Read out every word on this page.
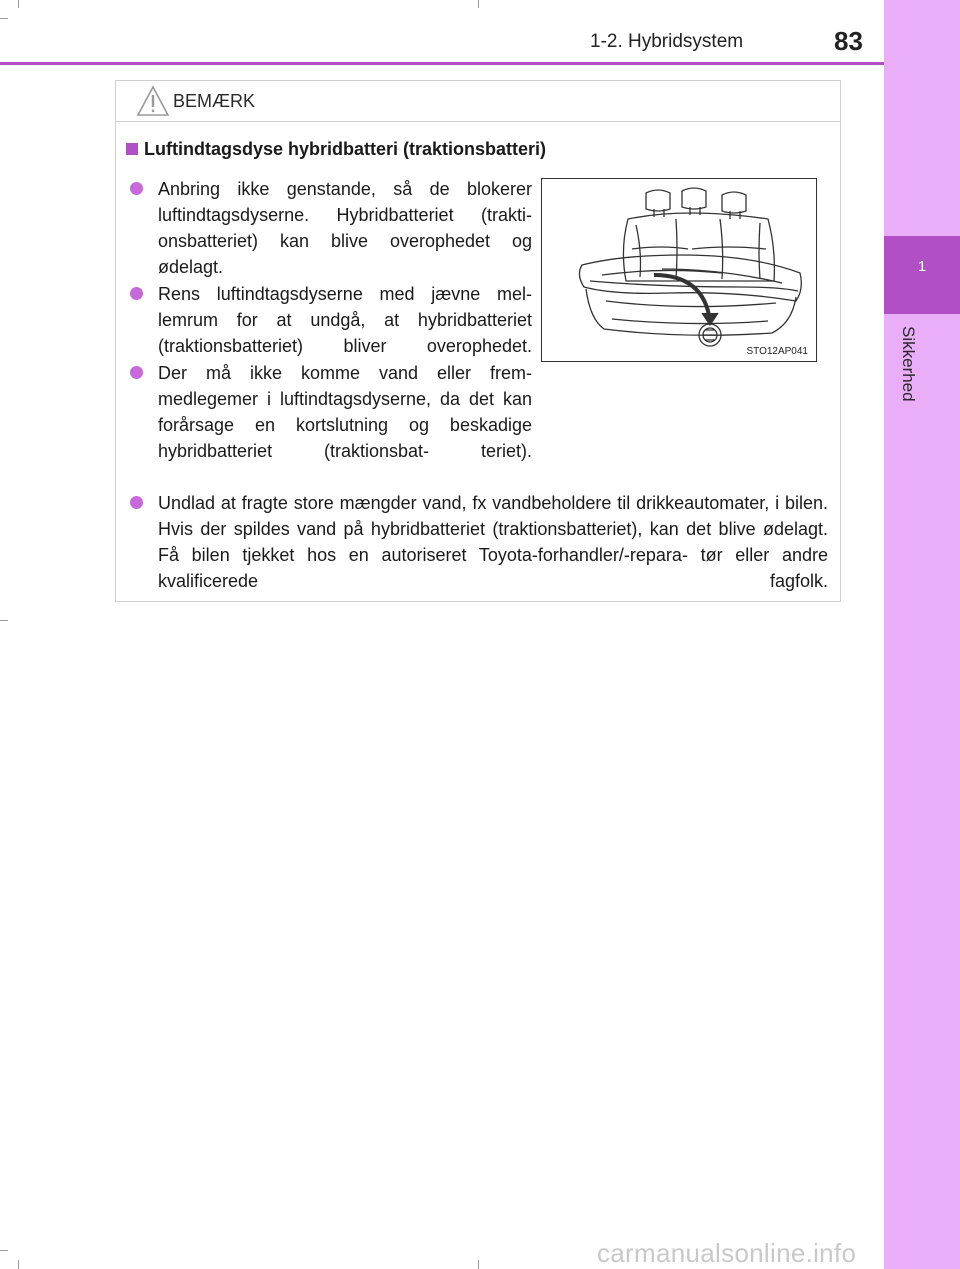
1-2. Hybridsystem	83
1
Sikkerhed
BEMÆRK
Luftindtagsdyse hybridbatteri (traktionsbatteri)
Anbring ikke genstande, så de blokerer luftindtagsdyserne. Hybridbatteriet (trakti- onsbatteriet) kan blive overophedet og ødelagt.
Rens luftindtagsdyserne med jævne mel- lemrum for at undgå, at hybridbatteriet (traktionsbatteriet) bliver overophedet.
Der må ikke komme vand eller frem- medlegemer i luftindtagsdyserne, da det kan forårsage en kortslutning og beskadige hybridbatteriet (traktionsbat- teriet).
STO12AP041
Undlad at fragte store mængder vand, fx vandbeholdere til drikkeautomater, i bilen. Hvis der spildes vand på hybridbatteriet (traktionsbatteriet), kan det blive ødelagt. Få bilen tjekket hos en autoriseret Toyota-forhandler/-repara- tør eller andre kvalificerede fagfolk.
carmanualsonline.info
